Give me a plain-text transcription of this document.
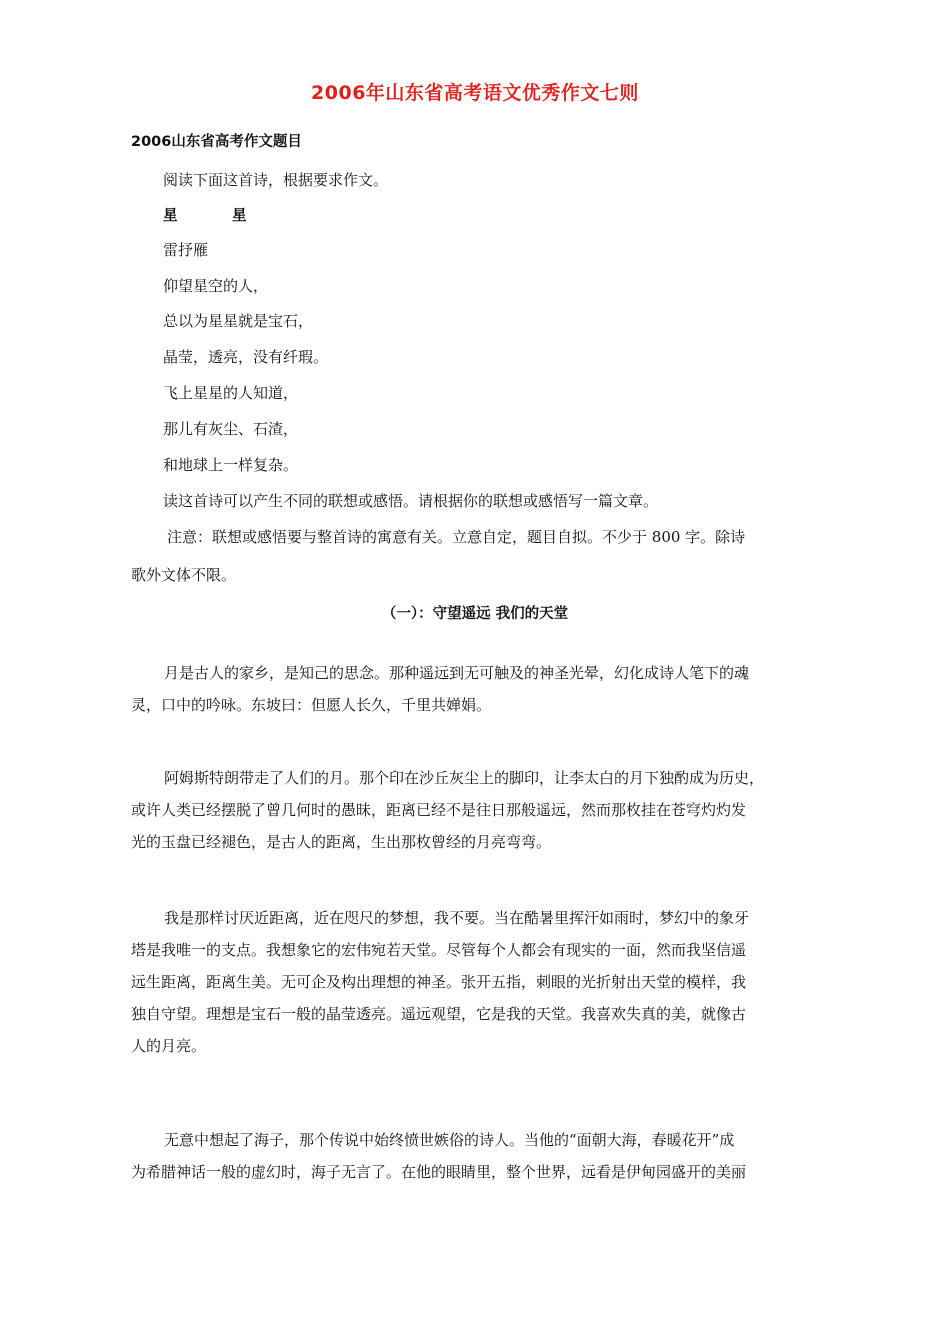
2006年山东省高考语文优秀作文七则
2006山东省高考作文题目
阅读下面这首诗，根据要求作文。
星　星
雷抒雁
仰望星空的人，
总以为星星就是宝石，
晶莹，透亮，没有纤瑕。
飞上星星的人知道，
那儿有灰尘、石渣，
和地球上一样复杂。
读这首诗可以产生不同的联想或感悟。请根据你的联想或感悟写一篇文章。
注意：联想或感悟要与整首诗的寓意有关。立意自定，题目自拟。不少于 800 字。除诗
歌外文体不限。
（一）：守望遥远 我们的天堂
月是古人的家乡，是知己的思念。那种遥远到无可触及的神圣光晕，幻化成诗人笔下的魂
灵，口中的吟咏。东坡曰：但愿人长久，千里共婵娟。
阿姆斯特朗带走了人们的月。那个印在沙丘灰尘上的脚印，让李太白的月下独酌成为历史，
或许人类已经摆脱了曾几何时的愚昧，距离已经不是往日那般遥远，然而那枚挂在苍穹灼灼发
光的玉盘已经褪色，是古人的距离，生出那枚曾经的月亮弯弯。
我是那样讨厌近距离，近在咫尺的梦想，我不要。当在酷暑里挥汗如雨时，梦幻中的象牙
塔是我唯一的支点。我想象它的宏伟宛若天堂。尽管每个人都会有现实的一面，然而我坚信遥
远生距离，距离生美。无可企及构出理想的神圣。张开五指，刺眼的光折射出天堂的模样，我
独自守望。理想是宝石一般的晶莹透亮。遥远观望，它是我的天堂。我喜欢失真的美，就像古
人的月亮。
无意中想起了海子，那个传说中始终愤世嫉俗的诗人。当他的“面朝大海，春暖花开”成
为希腊神话一般的虚幻时，海子无言了。在他的眼睛里，整个世界，远看是伊甸园盛开的美丽
